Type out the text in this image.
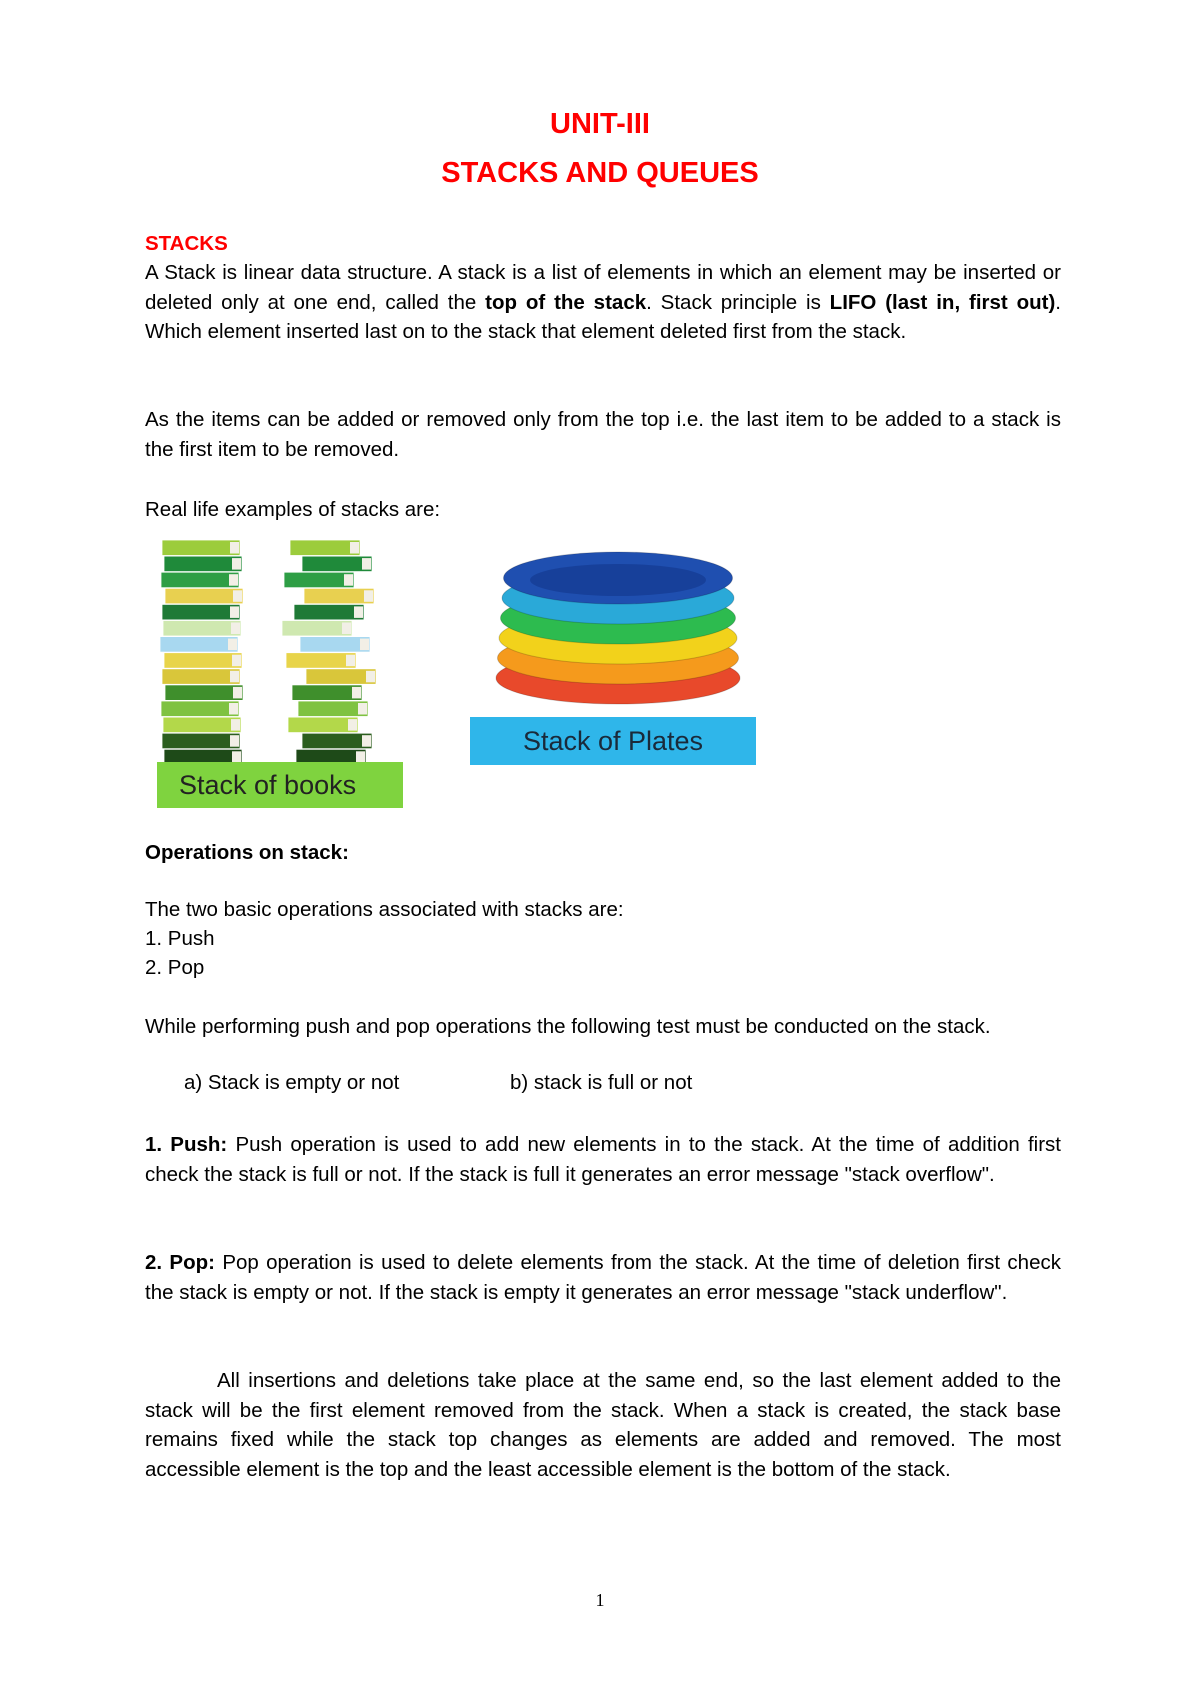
UNIT-III
STACKS AND QUEUES
STACKS
A Stack is linear data structure. A stack is a list of elements in which an element may be inserted or deleted only at one end, called the top of the stack. Stack principle is LIFO (last in, first out). Which element inserted last on to the stack that element deleted first from the stack.
As the items can be added or removed only from the top i.e. the last item to be added to a stack is the first item to be removed.
Real life examples of stacks are:
Stack of books
Stack of Plates
Operations on stack:
The two basic operations associated with stacks are:
1. Push
2. Pop
While performing push and pop operations the following test must be conducted on the stack.
a) Stack is empty or not	b) stack is full or not
1. Push: Push operation is used to add new elements in to the stack. At the time of addition first check the stack is full or not. If the stack is full it generates an error message "stack overflow".
2. Pop: Pop operation is used to delete elements from the stack. At the time of deletion first check the stack is empty or not. If the stack is empty it generates an error message "stack underflow".
All insertions and deletions take place at the same end, so the last element added to the stack will be the first element removed from the stack. When a stack is created, the stack base remains fixed while the stack top changes as elements are added and removed. The most accessible element is the top and the least accessible element is the bottom of the stack.
1
